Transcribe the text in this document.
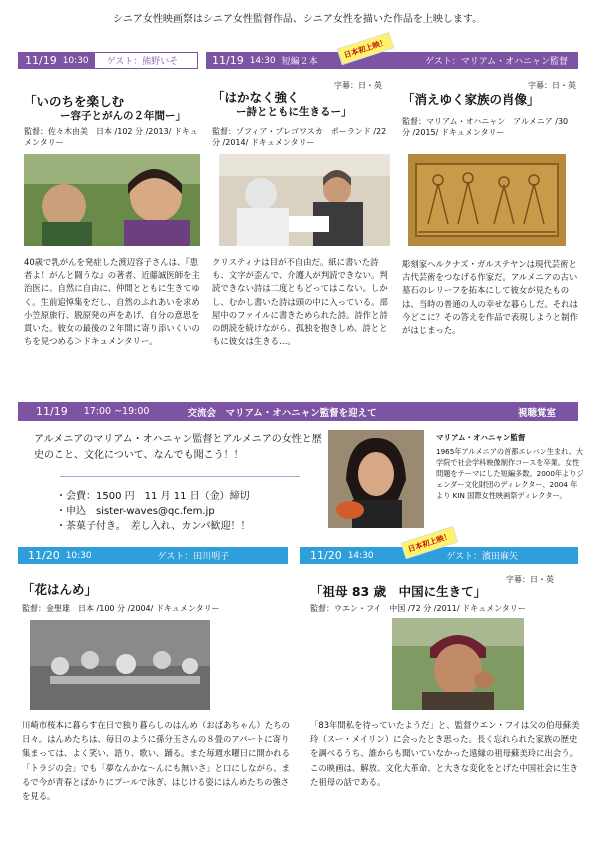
シニア女性映画祭はシニア女性監督作品、シニア女性を描いた作品を上映します。
11/19 10:30 ゲスト：熊野いそ	11/19 14:30 短編２本	ゲスト：マリアム・オハニャン監督
日本初上映！
「いのちを楽しむ
ー容子とがんの２年間ー」
監督：佐々木由美　日本 /102 分 /2013/ ドキュメンタリー
40歳で乳がんを発症した渡辺容子さんは、『患者よ！がんと闘うな』の著者、近藤誠医師を主治医に、自然に自由に、仲間とともに生きてゆく。生前追悼集をだし、自然のふれあいを求め小笠原旅行、脱原発の声をあげ、自分の意思を貫いた。彼女の最後の２年間に寄り添いくいのちを見つめる＞ドキュメンタリー。
字幕：日・英
「はかなく強く
ー詩とともに生きるー」
監督：ゾフィア・プレゴワスカ　ポーランド /22 分 /2014/ ドキュメンタリー
クリスティナは目が不自由だ。紙に書いた詩も、文字が歪んで、介護人が判読できない。判読できない詩は二度ともどってはこない。しかし、むかし書いた詩は頭の中に入っている。部屋中のファイルに書きためられた詩。詩作と詩の朗読を続けながら、孤独を抱きしめ、詩とともに彼女は生きる…。
字幕：日・英
「消えゆく家族の肖像」
監督：マリアム・オハニャン　アルメニア /30 分 /2015/ ドキュメンタリー
彫刻家ヘルクナズ・ガルステヤンは現代芸術と古代芸術をつなげる作家だ。アルメニアの古い墓石のレリーフを拓本にして彼女が見たものは、当時の普通の人の幸せな暮らしだ。それは今どこに？その答えを作品で表現しようと制作がはじまった。
11/19 17:00 ~19:00	交流会　マリアム・オハニャン監督を迎えて	視聴覚室
アルメニアのマリアム・オハニャン監督とアルメニアの女性と歴史のこと、文化について、なんでも聞こう！！
・会費：1500 円　11 月 11 日（金）締切
・申込　sister-waves@qc.fem.jp
・茶菓子付き。　差し入れ、カンパ歓迎！！
マリアム・オハニャン監督
1965年アルメニアの首都エレバン生まれ。大学院で社会学科映像制作コースを卒業。女性問題をテーマにした短編多数。2000年よりジェンダー文化財団のディレクター、2004 年より KIN 国際女性映画祭ディレクター。
11/20 10:30	ゲスト：田川明子
「花はんめ」
監督：金聖雄　日本 /100 分 /2004/ ドキュメンタリー
川崎市桜本に暮らす在日で独り暮らしのはんめ（おばあちゃん）たちの日々。はんめたちは、毎日のように孫分玉さんの８畳のアパートに寄り集まっては、よく笑い、語り、歌い、踊る。また毎週水曜日に開かれる「トラジの会」でも「夢なんかな～んにも無いさ」と口にしながら、まるで今が青春とばかりにプールで泳ぎ、はじける姿にはんめたちの強さを見る。
11/20 14:30	ゲスト：濱田麻矢
日本初上映！
字幕：日・英
「祖母 83 歳　中国に生きて」
監督：ウエン・フイ　中国 /72 分 /2011/ ドキュメンタリー
「83年間私を待っていたようだ」と、監督ウエン・フイは父の伯母蘇美玲（スー・メイリン）に会ったとき思った。長く忘れられた家族の歴史を調べるうち、誰からも聞いていなかった遠縁の祖母蘇美玲に出会う。この映画は、解放、文化大革命、と大きな変化をとげた中国社会に生きた祖母の話である。
